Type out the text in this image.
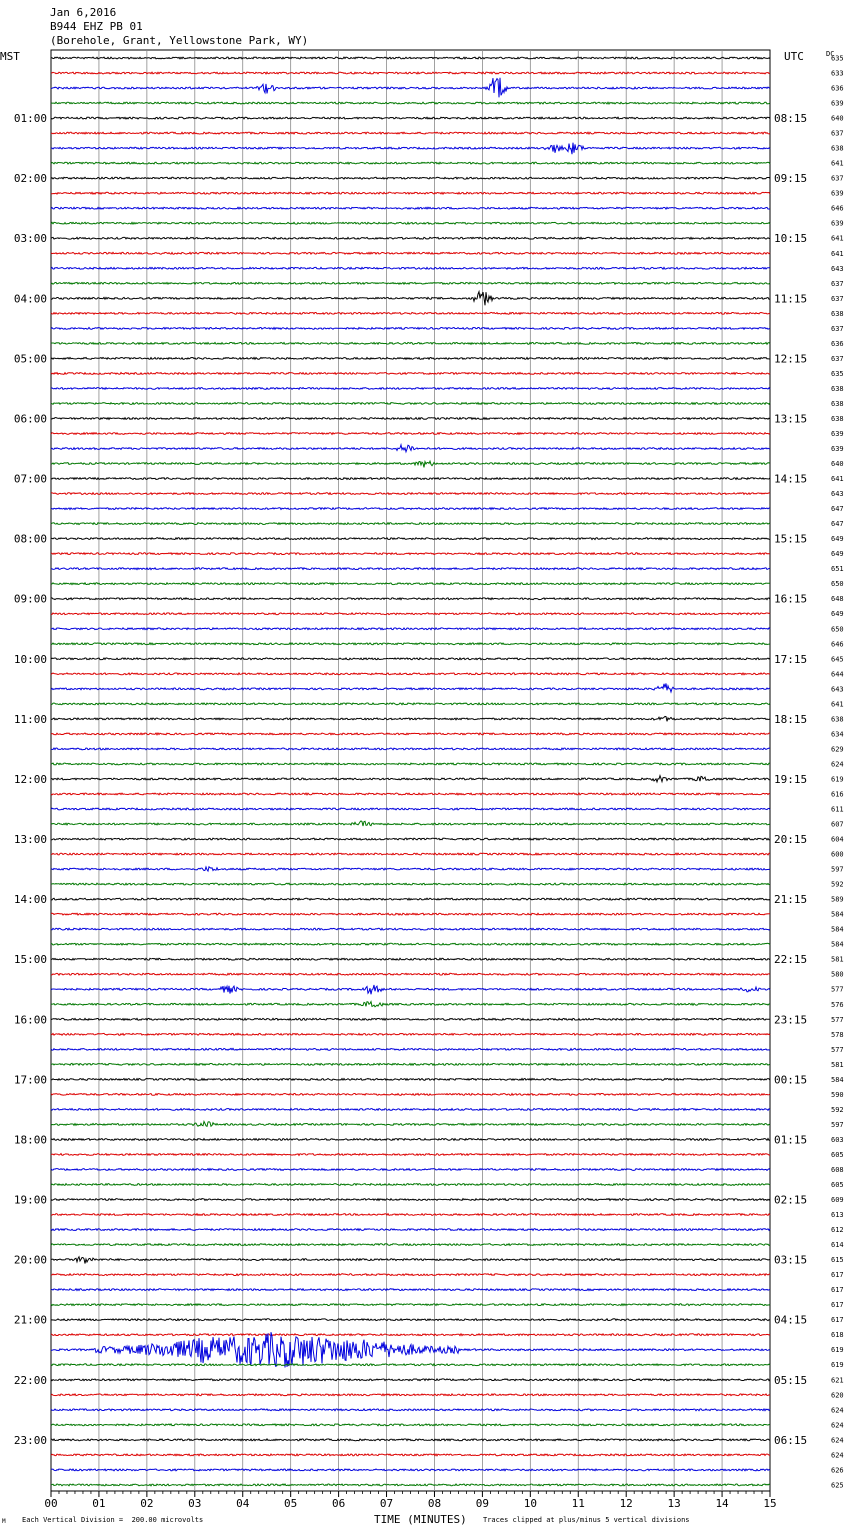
Jan 6,2016
B944 EHZ PB 01
(Borehole, Grant, Yellowstone Park, WY)
MST	UTC	DC
635
633
636
639
640
637
638
641
637
639
646
639
641
641
643
637
637
638
637
636
637
635
638
638
638
639
639
640
641
643
647
647
649
649
651
650
648
649
650
646
645
644
643
641
638
634
629
624
619
616
611
607
604
600
597
592
589
584
584
584
581
580
577
576
577
578
577
581
584
590
592
597
603
605
608
605
609
613
612
614
615
617
617
617
617
618
619
619
621
620
624
624
624
624
626
625
01:00
02:00
03:00
04:00
05:00
06:00
07:00
08:00
09:00
10:00
11:00
12:00
13:00
14:00
15:00
16:00
17:00
18:00
19:00
20:00
21:00
22:00
23:00
08:15
09:15
10:15
11:15
12:15
13:15
14:15
15:15
16:15
17:15
18:15
19:15
20:15
21:15
22:15
23:15
00:15
01:15
02:15
03:15
04:15
05:15
06:15
00	01	02	03	04	05	06	07	08	09	10	11	12	13	14	15
M Each Vertical Division =  200.00 microvolts	TIME (MINUTES) Traces clipped at plus/minus 5 vertical divisions
